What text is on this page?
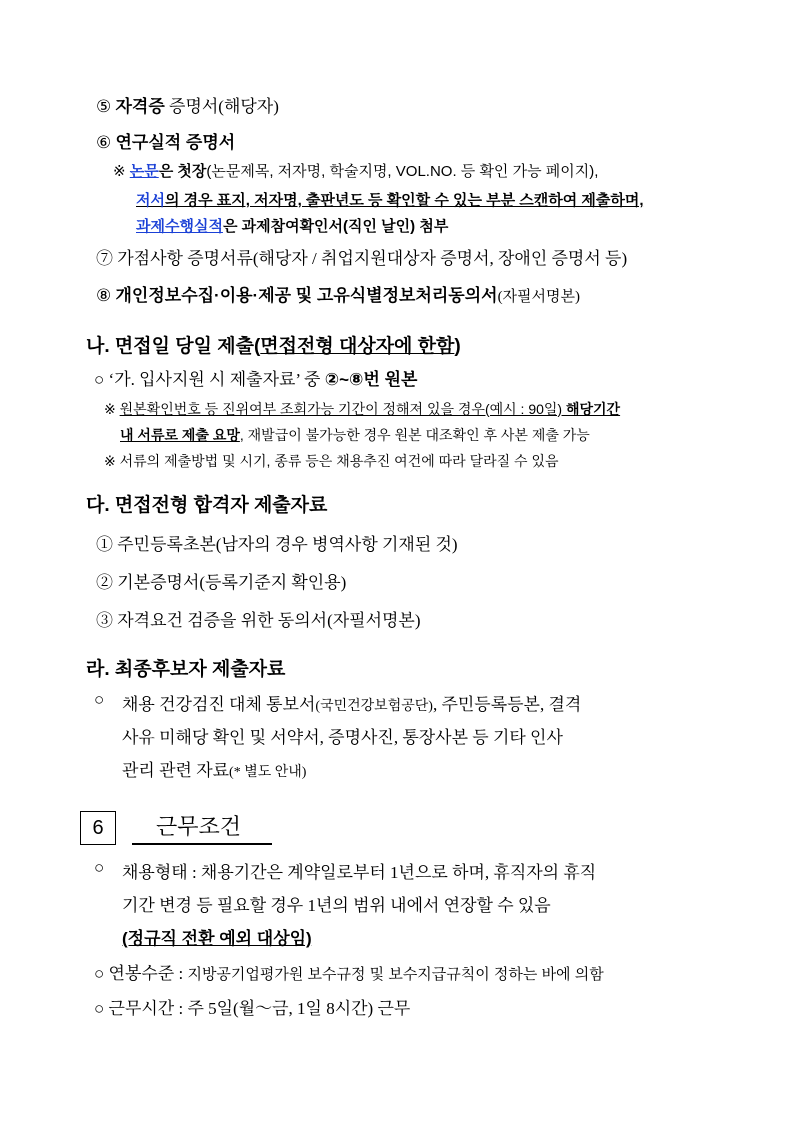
⑤ 자격증 증명서(해당자)
⑥ 연구실적 증명서
※ 논문은 첫장(논문제목, 저자명, 학술지명, VOL.NO. 등 확인 가능 페이지),
저서의 경우 표지, 저자명, 출판년도 등 확인할 수 있는 부분 스캔하여 제출하며,
과제수행실적은 과제참여확인서(직인 날인) 첨부
⑦ 가점사항 증명서류(해당자 / 취업지원대상자 증명서, 장애인 증명서 등)
⑧ 개인정보수집·이용·제공 및 고유식별정보처리동의서(자필서명본)
나. 면접일 당일 제출(면접전형 대상자에 한함)
○ ‘가. 입사지원 시 제출자료’ 중 ②~⑧번 원본
※ 원본확인번호 등 진위여부 조회가능 기간이 정해져 있을 경우(예시 : 90일) 해당기간
내 서류로 제출 요망, 재발급이 불가능한 경우 원본 대조확인 후 사본 제출 가능
※ 서류의 제출방법 및 시기, 종류 등은 채용추진 여건에 따라 달라질 수 있음
다. 면접전형 합격자 제출자료
① 주민등록초본(남자의 경우 병역사항 기재된 것)
② 기본증명서(등록기준지 확인용)
③ 자격요건 검증을 위한 동의서(자필서명본)
라. 최종후보자 제출자료
○ 채용 건강검진 대체 통보서(국민건강보험공단), 주민등록등본, 결격
사유 미해당 확인 및 서약서, 증명사진, 통장사본 등 기타 인사
관리 관련 자료(* 별도 안내)
6	근무조건
○ 채용형태 : 채용기간은 계약일로부터 1년으로 하며, 휴직자의 휴직
기간 변경 등 필요할 경우 1년의 범위 내에서 연장할 수 있음
(정규직 전환 예외 대상임)
○ 연봉수준 : 지방공기업평가원 보수규정 및 보수지급규칙이 정하는 바에 의함
○ 근무시간 : 주 5일(월～금, 1일 8시간) 근무
